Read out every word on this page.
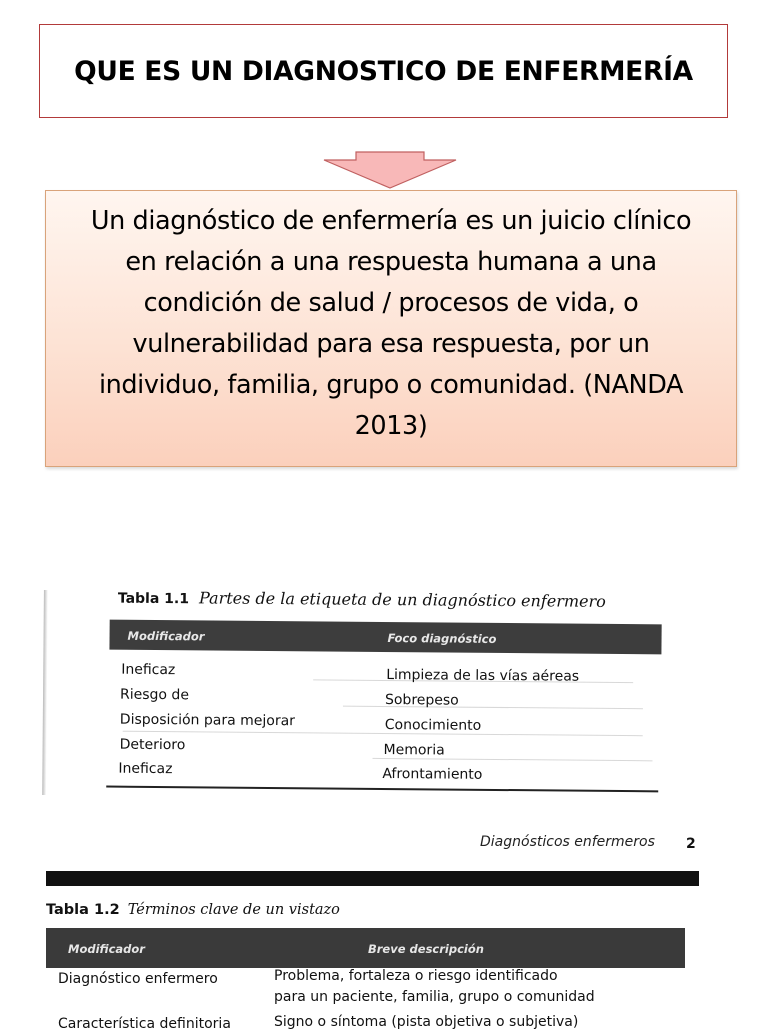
QUE ES UN DIAGNOSTICO DE ENFERMERÍA
Un diagnóstico de enfermería es un juicio clínico
en relación a una respuesta humana a una
condición de salud / procesos de vida, o
vulnerabilidad para esa respuesta, por un
individuo, familia, grupo o comunidad. (NANDA
2013)
Tabla 1.1 Partes de la etiqueta de un diagnóstico enfermero
Modificador	Foco diagnóstico
Ineficaz	Limpieza de las vías aéreas
Riesgo de	Sobrepeso
Disposición para mejorar	Conocimiento
Deterioro	Memoria
Ineficaz	Afrontamiento
Diagnósticos enfermeros 2
Tabla 1.2 Términos clave de un vistazo
Modificador	Breve descripción
Diagnóstico enfermero	Problema, fortaleza o riesgo identificado
para un paciente, familia, grupo o comunidad
Característica definitoria	Signo o síntoma (pista objetiva o subjetiva)
